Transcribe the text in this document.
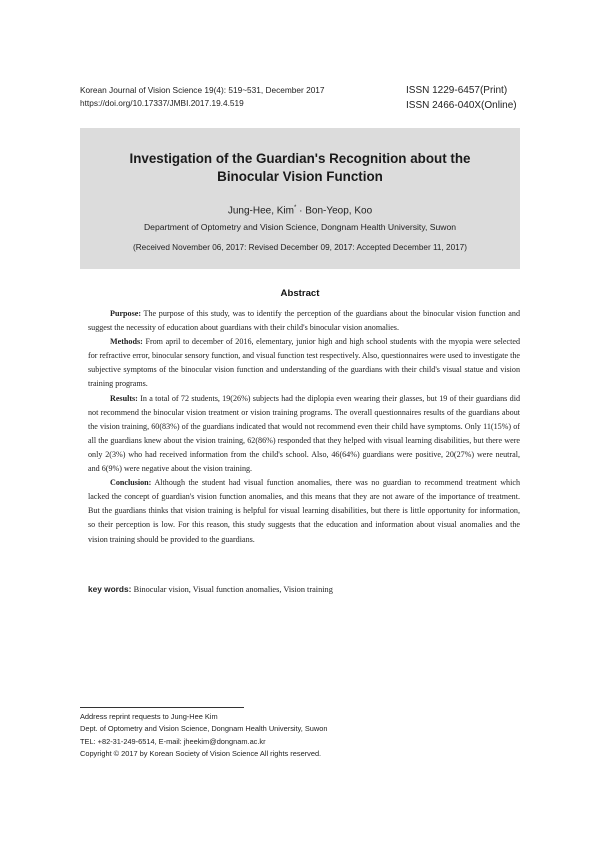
Korean Journal of Vision Science 19(4): 519~531, December 2017
https://doi.org/10.17337/JMBI.2017.19.4.519
ISSN 1229-6457(Print)
ISSN 2466-040X(Online)
Investigation of the Guardian's Recognition about the
Binocular Vision Function
Jung-Hee, Kim* · Bon-Yeop, Koo
Department of Optometry and Vision Science, Dongnam Health University, Suwon
(Received November 06, 2017: Revised December 09, 2017: Accepted December 11, 2017)
Abstract

Purpose: The purpose of this study, was to identify the perception of the guardians about the binocular vision function and suggest the necessity of education about guardians with their child's binocular vision anomalies.

Methods: From april to december of 2016, elementary, junior high and high school students with the myopia were selected for refractive error, binocular sensory function, and visual function test respectively. Also, questionnaires were used to investigate the subjective symptoms of the binocular vision function and understanding of the guardians with their child's visual statue and vision training programs.

Results: In a total of 72 students, 19(26%) subjects had the diplopia even wearing their glasses, but 19 of their guardians did not recommend the binocular vision treatment or vision training programs. The overall questionnaires results of the guardians about the vision training, 60(83%) of the guardians indicated that would not recommend even their child have symptoms. Only 11(15%) of all the guardians knew about the vision training, 62(86%) responded that they helped with visual learning disabilities, but there were only 2(3%) who had received information from the child's school. Also, 46(64%) guardians were positive, 20(27%) were neutral, and 6(9%) were negative about the vision training.

Conclusion: Although the student had visual function anomalies, there was no guardian to recommend treatment which lacked the concept of guardian's vision function anomalies, and this means that they are not aware of the importance of treatment. But the guardians thinks that vision training is helpful for visual learning disabilities, but there is little opportunity for information, so their perception is low. For this reason, this study suggests that the education and information about visual anomalies and the vision training should be provided to the guardians.

key words: Binocular vision, Visual function anomalies, Vision training
Address reprint requests to Jung-Hee Kim
Dept. of Optometry and Vision Science, Dongnam Health University, Suwon
TEL: +82-31-249-6514, E-mail: jheekim@dongnam.ac.kr
Copyright © 2017 by Korean Society of Vision Science All rights reserved.
